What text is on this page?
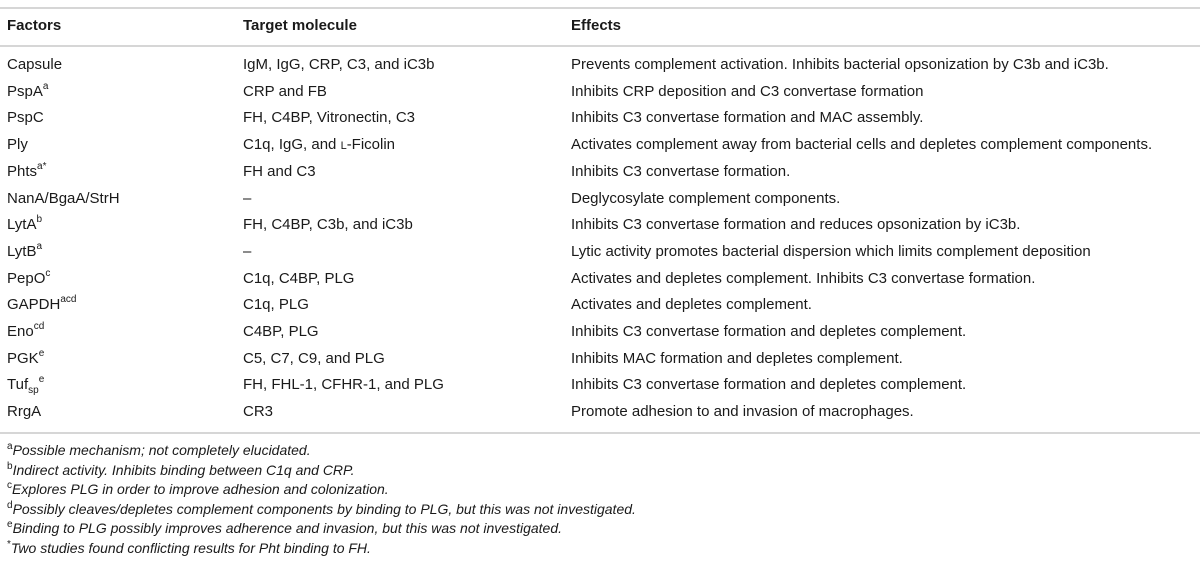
Factors	Target molecule	Effects
Capsule	IgM, IgG, CRP, C3, and iC3b	Prevents complement activation. Inhibits bacterial opsonization by C3b and iC3b.
PspA$^a$	CRP and FB	Inhibits CRP deposition and C3 convertase formation
PspC	FH, C4BP, Vitronectin, C3	Inhibits C3 convertase formation and MAC assembly.
Ply	C1q, IgG, and l-Ficolin	Activates complement away from bacterial cells and depletes complement components.
Phts$^{a*}$	FH and C3	Inhibits C3 convertase formation.
NanA/BgaA/StrH	–	Deglycosylate complement components.
LytA$^b$	FH, C4BP, C3b, and iC3b	Inhibits C3 convertase formation and reduces opsonization by iC3b.
LytB$^a$	–	Lytic activity promotes bacterial dispersion which limits complement deposition
PepO$^c$	C1q, C4BP, PLG	Activates and depletes complement. Inhibits C3 convertase formation.
$GAPDH^{acd}$	C1q, PLG	Activates and depletes complement.
Eno$^{cd}$	C4BP, PLG	Inhibits C3 convertase formation and depletes complement.
PGK$^e$	C5, C7, C9, and PLG	Inhibits MAC formation and depletes complement.
Tuf$_{sp}^e$	FH, FHL-1, CFHR-1, and PLG	Inhibits C3 convertase formation and depletes complement.
RrgA	CR3	Promote adhesion to and invasion of macrophages.
$^a$Possible mechanism; not completely elucidated.
$^b$Indirect activity. Inhibits binding between C1q and CRP.
$^c$Explores PLG in order to improve adhesion and colonization.
$^d$Possibly cleaves/depletes complement components by binding to PLG, but this was not investigated.
$^e$Binding to PLG possibly improves adherence and invasion, but this was not investigated.
*Two studies found conflicting results for Pht binding to FH.
